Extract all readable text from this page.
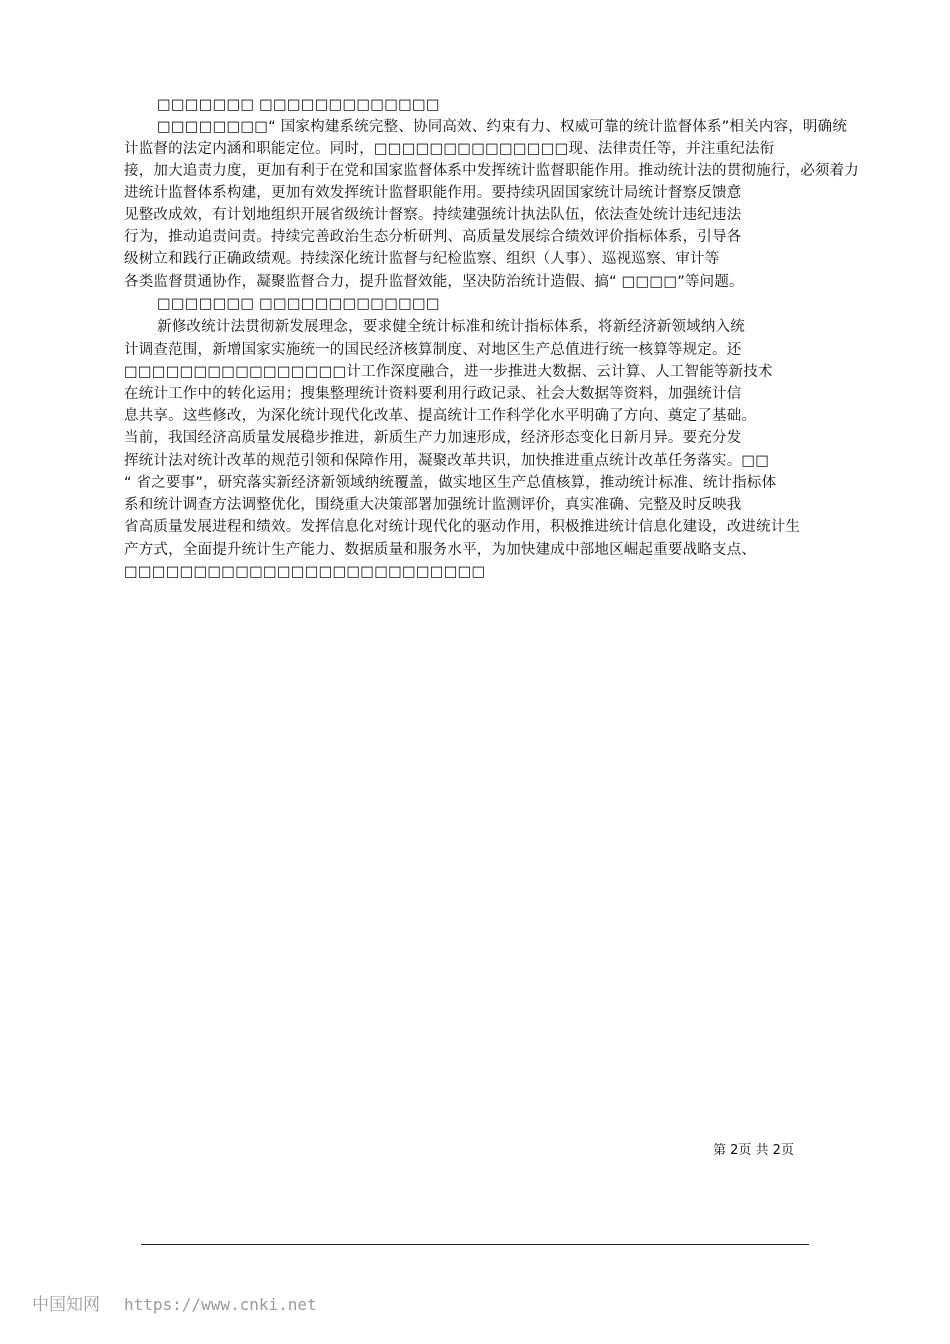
□□□□□□□ □□□□□□□□□□□□□
□□□□□□□□“ 国家构建系统完整、协同高效、约束有力、权威可靠的统计监督体系”相关内容，明确统
计监督的法定内涵和职能定位。同时，□□□□□□□□□□□□□□现、法律责任等，并注重纪法衔
接，加大追责力度，更加有利于在党和国家监督体系中发挥统计监督职能作用。推动统计法的贯彻施行，必须着力
进统计监督体系构建，更加有效发挥统计监督职能作用。要持续巩固国家统计局统计督察反馈意
见整改成效，有计划地组织开展省级统计督察。持续建强统计执法队伍，依法查处统计违纪违法
行为，推动追责问责。持续完善政治生态分析研判、高质量发展综合绩效评价指标体系，引导各
级树立和践行正确政绩观。持续深化统计监督与纪检监察、组织（人事）、巡视巡察、审计等
各类监督贯通协作，凝聚监督合力，提升监督效能，坚决防治统计造假、搞“ □□□□”等问题。
□□□□□□□ □□□□□□□□□□□□□
新修改统计法贯彻新发展理念，要求健全统计标准和统计指标体系，将新经济新领域纳入统
计调查范围，新增国家实施统一的国民经济核算制度、对地区生产总值进行统一核算等规定。还
□□□□□□□□□□□□□□□□计工作深度融合，进一步推进大数据、云计算、人工智能等新技术
在统计工作中的转化运用；搜集整理统计资料要利用行政记录、社会大数据等资料，加强统计信
息共享。这些修改，为深化统计现代化改革、提高统计工作科学化水平明确了方向、奠定了基础。
当前，我国经济高质量发展稳步推进，新质生产力加速形成，经济形态变化日新月异。要充分发
挥统计法对统计改革的规范引领和保障作用，凝聚改革共识，加快推进重点统计改革任务落实。□□
“ 省之要事”，研究落实新经济新领域纳统覆盖，做实地区生产总值核算，推动统计标准、统计指标体
系和统计调查方法调整优化，围绕重大决策部署加强统计监测评价，真实准确、完整及时反映我
省高质量发展进程和绩效。发挥信息化对统计现代化的驱动作用，积极推进统计信息化建设，改进统计生
产方式，全面提升统计生产能力、数据质量和服务水平，为加快建成中部地区崛起重要战略支点、
□□□□□□□□□□□□□□□□□□□□□□□□□□
第 2页 共 2页
中国知网 https://www.cnki.net
